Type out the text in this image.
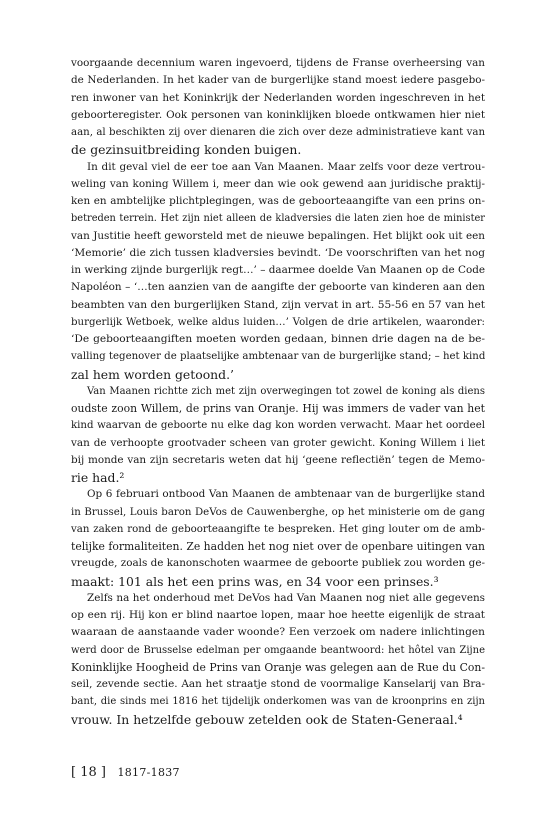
voorgaande decennium waren ingevoerd, tijdens de Franse overheersing van
de Nederlanden. In het kader van de burgerlijke stand moest iedere pasgebo-
ren inwoner van het Koninkrijk der Nederlanden worden ingeschreven in het
geboorteregister. Ook personen van koninklijken bloede ontkwamen hier niet
aan, al beschikten zij over dienaren die zich over deze administratieve kant van
de gezinsuitbreiding konden buigen.
In dit geval viel de eer toe aan Van Maanen. Maar zelfs voor deze vertrou-
weling van koning Willem i, meer dan wie ook gewend aan juridische praktij-
ken en ambtelijke plichtplegingen, was de geboorteaangifte van een prins on-
betreden terrein. Het zijn niet alleen de kladversies die laten zien hoe de minister
van Justitie heeft geworsteld met de nieuwe bepalingen. Het blijkt ook uit een
‘Memorie’ die zich tussen kladversies bevindt. ‘De voorschriften van het nog
in werking zijnde burgerlijk regt…’ – daarmee doelde Van Maanen op de Code
Napoléon – ‘…ten aanzien van de aangifte der geboorte van kinderen aan den
beambten van den burgerlijken Stand, zijn vervat in art. 55-56 en 57 van het
burgerlijk Wetboek, welke aldus luiden…’ Volgen de drie artikelen, waaronder:
‘De geboorteaangiften moeten worden gedaan, binnen drie dagen na de be-
valling tegenover de plaatselijke ambtenaar van de burgerlijke stand; – het kind
zal hem worden getoond.’
Van Maanen richtte zich met zijn overwegingen tot zowel de koning als diens
oudste zoon Willem, de prins van Oranje. Hij was immers de vader van het
kind waarvan de geboorte nu elke dag kon worden verwacht. Maar het oordeel
van de verhoopte grootvader scheen van groter gewicht. Koning Willem i liet
bij monde van zijn secretaris weten dat hij ‘geene reflectiën’ tegen de Memo-
rie had.²
Op 6 februari ontbood Van Maanen de ambtenaar van de burgerlijke stand
in Brussel, Louis baron DeVos de Cauwenberghe, op het ministerie om de gang
van zaken rond de geboorteaangifte te bespreken. Het ging louter om de amb-
telijke formaliteiten. Ze hadden het nog niet over de openbare uitingen van
vreugde, zoals de kanonschoten waarmee de geboorte publiek zou worden ge-
maakt: 101 als het een prins was, en 34 voor een prinses.³
Zelfs na het onderhoud met DeVos had Van Maanen nog niet alle gegevens
op een rij. Hij kon er blind naartoe lopen, maar hoe heette eigenlijk de straat
waaraan de aanstaande vader woonde? Een verzoek om nadere inlichtingen
werd door de Brusselse edelman per omgaande beantwoord: het hôtel van Zijne
Koninklijke Hoogheid de Prins van Oranje was gelegen aan de Rue du Con-
seil, zevende sectie. Aan het straatje stond de voormalige Kanselarij van Bra-
bant, die sinds mei 1816 het tijdelijk onderkomen was van de kroonprins en zijn
vrouw. In hetzelfde gebouw zetelden ook de Staten-Generaal.⁴
[ 18 ] 1817-1837
